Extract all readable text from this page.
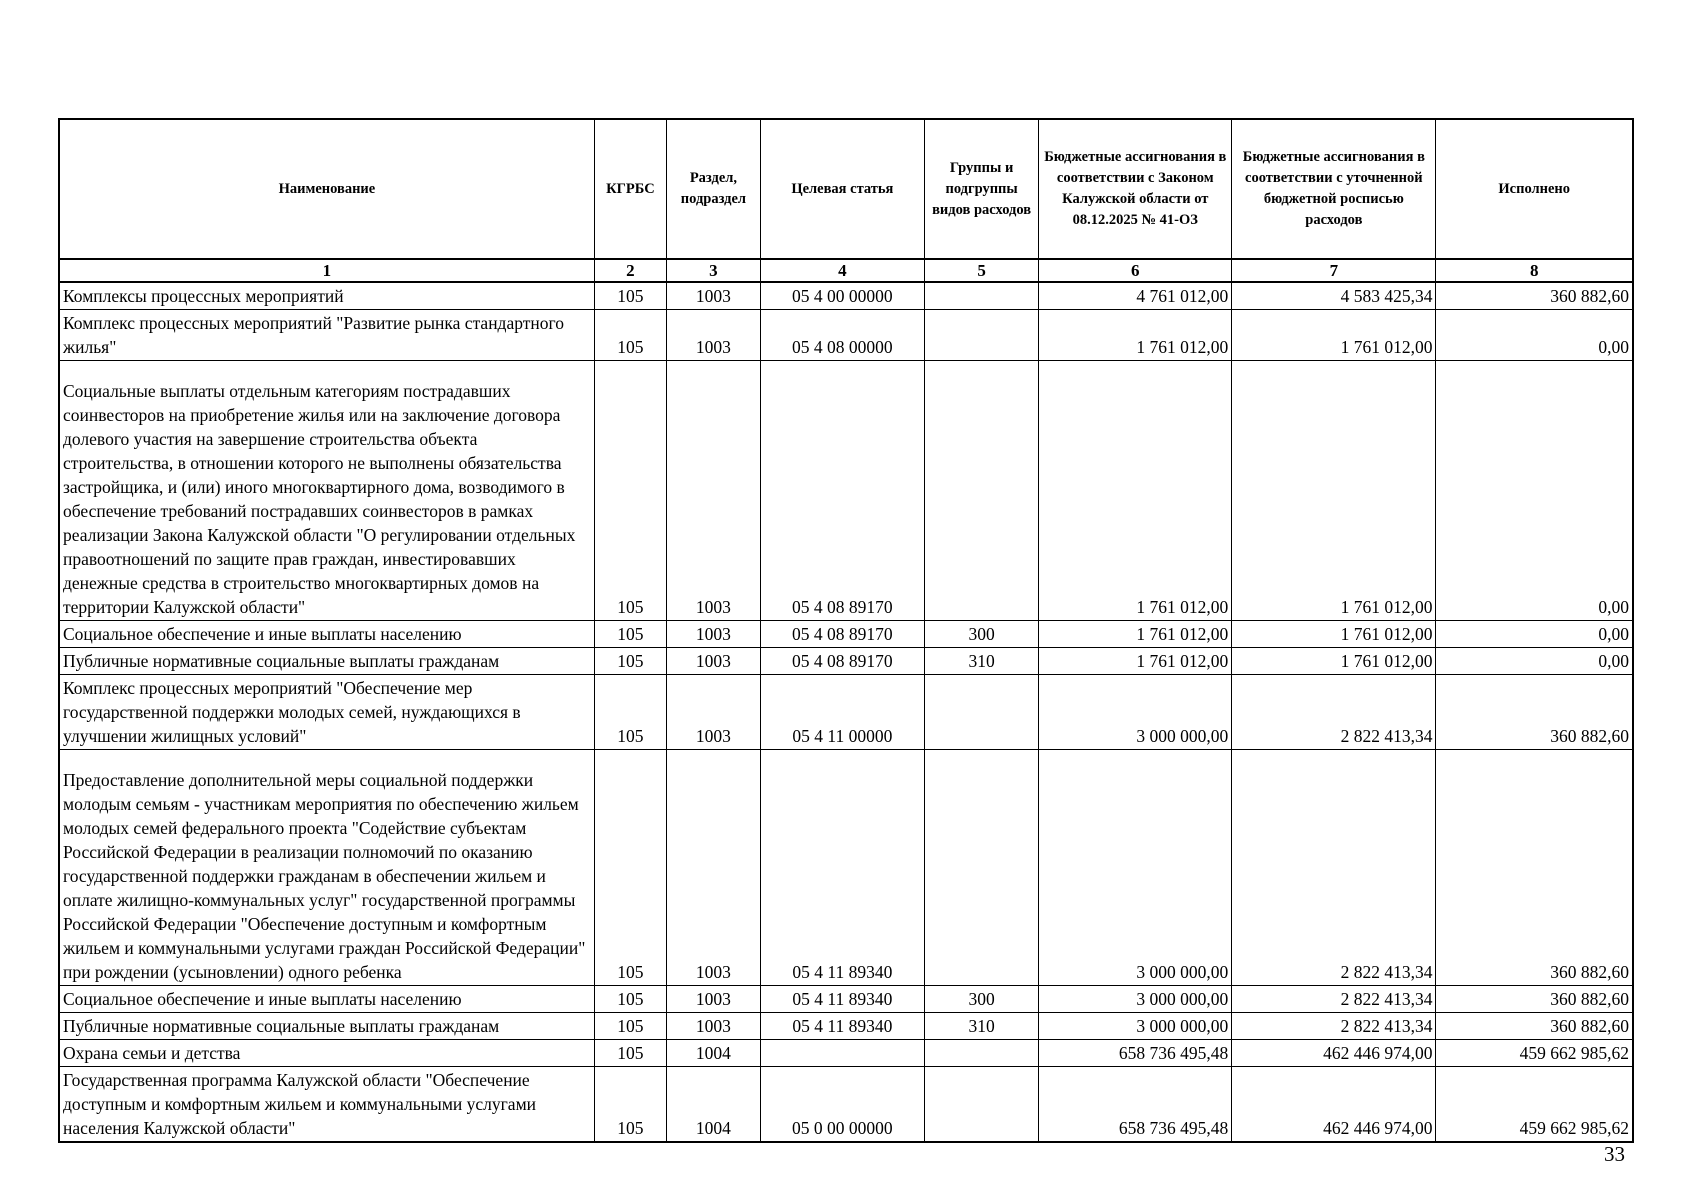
Наименование	КГРБС	Раздел, подраздел	Целевая статья	Группы и подгруппы видов расходов	Бюджетные ассигнования в соответствии с Законом Калужской области от 08.12.2025 № 41-ОЗ	Бюджетные ассигнования в соответствии с уточненной бюджетной росписью расходов	Исполнено
1	2	3	4	5	6	7	8
Комплексы процессных мероприятий	105	1003	05 4 00 00000		4 761 012,00	4 583 425,34	360 882,60
Комплекс процессных мероприятий "Развитие рынка стандартного жилья"	105	1003	05 4 08 00000		1 761 012,00	1 761 012,00	0,00
Социальные выплаты отдельным категориям пострадавших соинвесторов на приобретение жилья или на заключение договора долевого участия на завершение строительства объекта строительства, в отношении которого не выполнены обязательства застройщика, и (или) иного многоквартирного дома, возводимого в обеспечение требований пострадавших соинвесторов в рамках реализации Закона Калужской области "О регулировании отдельных правоотношений по защите прав граждан, инвестировавших денежные средства в строительство многоквартирных домов на территории Калужской области"	105	1003	05 4 08 89170		1 761 012,00	1 761 012,00	0,00
Социальное обеспечение и иные выплаты населению	105	1003	05 4 08 89170	300	1 761 012,00	1 761 012,00	0,00
Публичные нормативные социальные выплаты гражданам	105	1003	05 4 08 89170	310	1 761 012,00	1 761 012,00	0,00
Комплекс процессных мероприятий "Обеспечение мер государственной поддержки молодых семей, нуждающихся в улучшении жилищных условий"	105	1003	05 4 11 00000		3 000 000,00	2 822 413,34	360 882,60
Предоставление дополнительной меры социальной поддержки молодым семьям - участникам мероприятия по обеспечению жильем молодых семей федерального проекта "Содействие субъектам Российской Федерации в реализации полномочий по оказанию государственной поддержки гражданам в обеспечении жильем и оплате жилищно-коммунальных услуг" государственной программы Российской Федерации "Обеспечение доступным и комфортным жильем и коммунальными услугами граждан Российской Федерации" при рождении (усыновлении) одного ребенка	105	1003	05 4 11 89340		3 000 000,00	2 822 413,34	360 882,60
Социальное обеспечение и иные выплаты населению	105	1003	05 4 11 89340	300	3 000 000,00	2 822 413,34	360 882,60
Публичные нормативные социальные выплаты гражданам	105	1003	05 4 11 89340	310	3 000 000,00	2 822 413,34	360 882,60
Охрана семьи и детства	105	1004			658 736 495,48	462 446 974,00	459 662 985,62
Государственная программа Калужской области "Обеспечение доступным и комфортным жильем и коммунальными услугами населения Калужской области"	105	1004	05 0 00 00000		658 736 495,48	462 446 974,00	459 662 985,62
33
